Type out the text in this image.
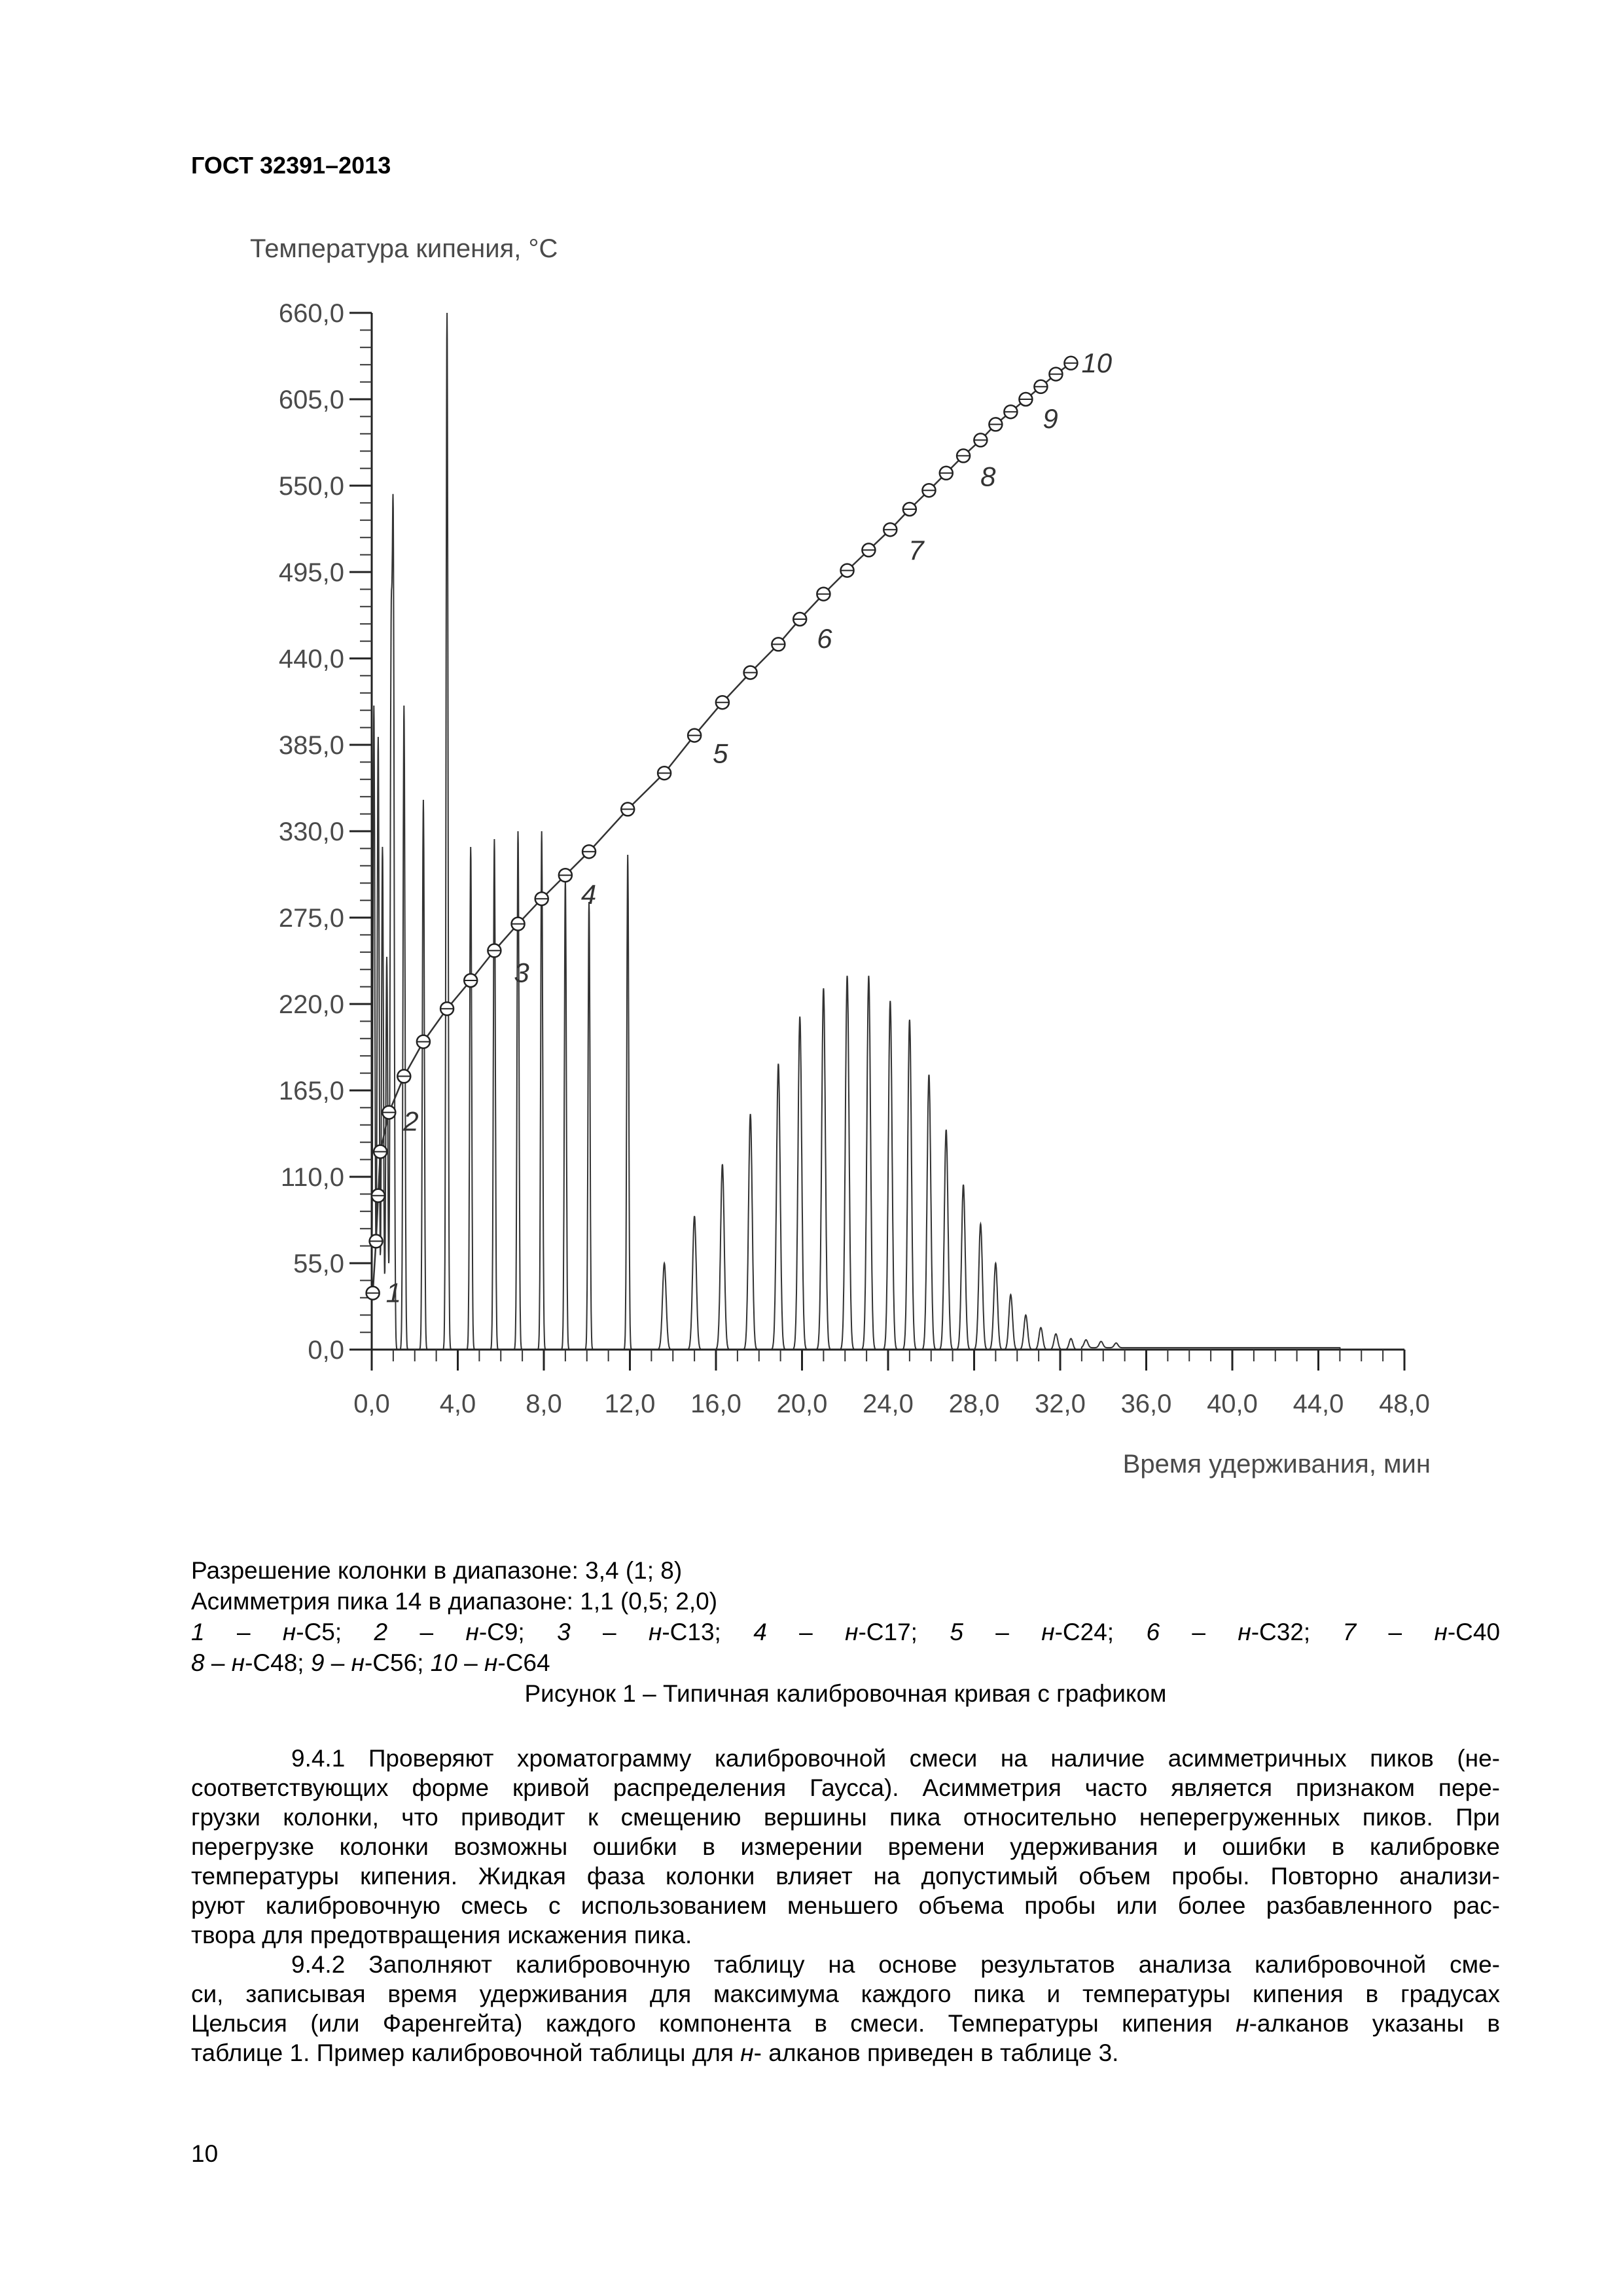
ГОСТ 32391–2013
Температура кипения, °С
Время удерживания, мин
0,0
55,0
110,0
165,0
220,0
275,0
330,0
385,0
440,0
495,0
550,0
605,0
660,0
0,0 4,0 8,0 12,0 16,0 20,0 24,0 28,0 32,0 36,0 40,0 44,0 48,0
1
2
3
4
5
6
7
8
9
10

Разрешение колонки в диапазоне: 3,4 (1; 8)

Асимметрия пика 14 в диапазоне: 1,1 (0,5; 2,0)

1 – н-С5; 2 – н-С9; 3 – н-С13; 4 – н-С17; 5 – н-С24; 6 – н-С32; 7 – н-С40

8 – н-С48; 9 – н-С56; 10 – н-С64

Рисунок 1 – Типичная калибровочная кривая с графиком

9.4.1 Проверяют хроматограмму калибровочной смеси на наличие асимметричных пиков (не-
соответствующих форме кривой распределения Гаусса). Асимметрия часто является признаком пере-
грузки колонки, что приводит к смещению вершины пика относительно неперегруженных пиков. При
перегрузке колонки возможны ошибки в измерении времени удерживания и ошибки в калибровке
температуры кипения. Жидкая фаза колонки влияет на допустимый объем пробы. Повторно анализи-
руют калибровочную смесь с использованием меньшего объема пробы или более разбавленного рас-
твора для предотвращения искажения пика.

9.4.2 Заполняют калибровочную таблицу на основе результатов анализа калибровочной сме-
си, записывая время удерживания для максимума каждого пика и температуры кипения в градусах
Цельсия (или Фаренгейта) каждого компонента в смеси. Температуры кипения н-алканов указаны в
таблице 1. Пример калибровочной таблицы для н- алканов приведен в таблице 3.

10
